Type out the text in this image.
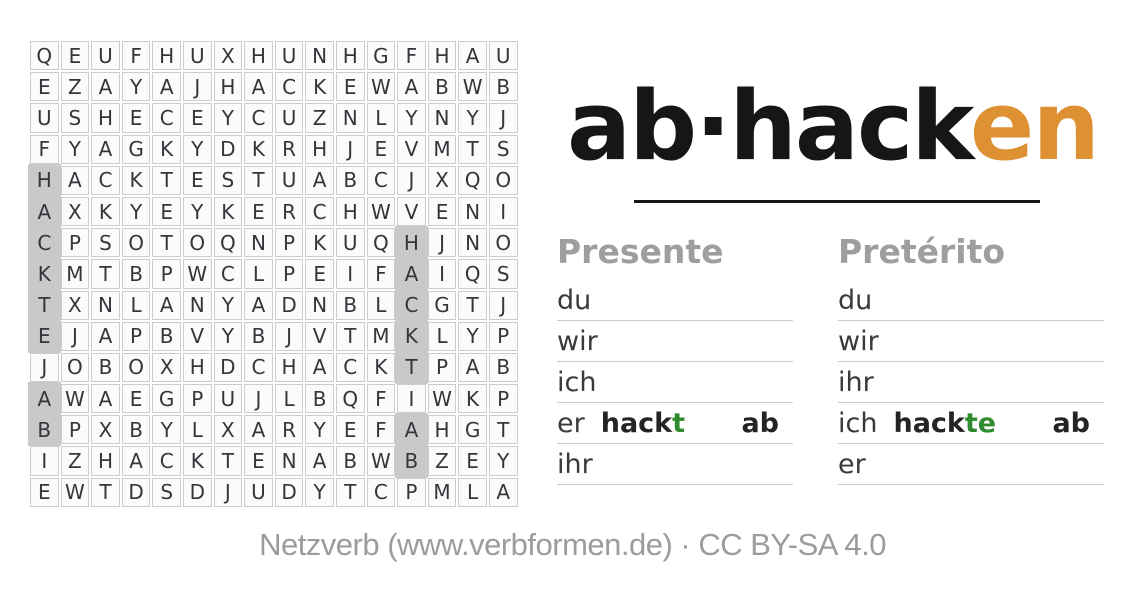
Q E U F H U X H U N H G F H A U
E Z A Y A	J	H A C K E W A B W B
U S H E C E Y C U Z N L Y N Y	J
F Y A G K Y D K R H	J	E V M T S
H A C K T E S T U A B C	J	X Q O
A X K Y E Y K E R C H W V E N	I
C P S O T O Q N P K U Q H	J	N O
K M T B P W C L P E	I	F A	I Q S
T X N L A N Y A D N B L C G T	J
E	J	A P B V Y B	J	V T M K L Y P
J O B O X H D C H A C K T P A B
A W A E G P U	J	L B Q F	I W K P
B P X B Y L X A R Y E F A H G T
I	Z H A C K T E N A B W B Z E Y
E W T D S D J	U D Y T C P M L A
ab·hacken
Presente
du
wir
ich
er hackt ab
ihr
Pretérito
du
wir
ihr
ich hackte ab
er
Netzverb (www.verbformen.de) · CC BY-SA 4.0
